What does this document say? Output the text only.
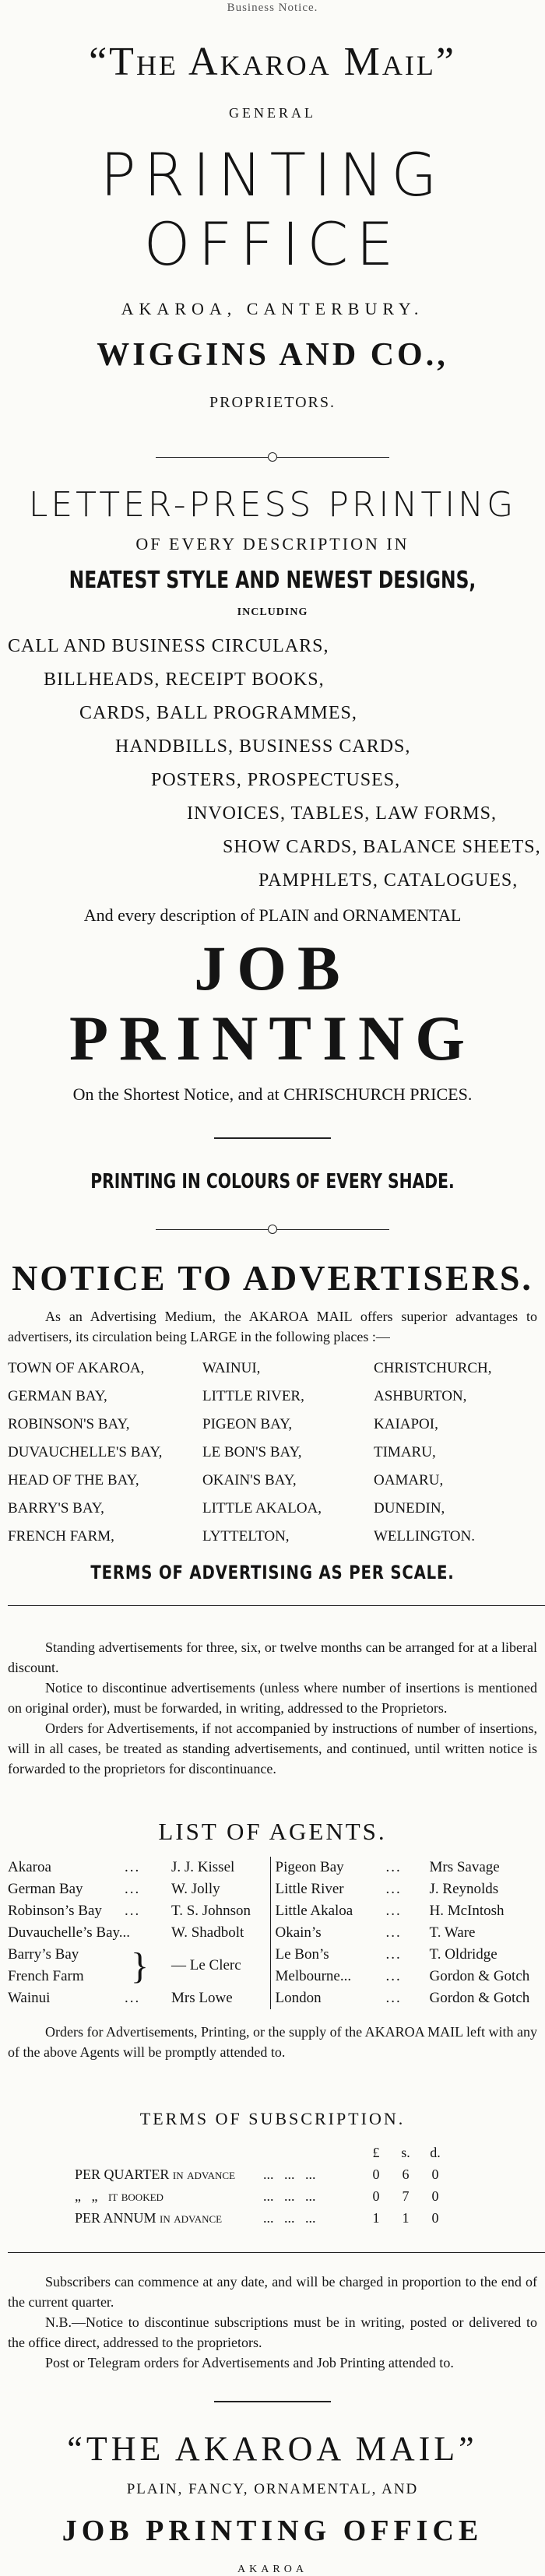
Business Notice.
“The Akaroa Mail”
GENERAL
PRINTING OFFICE
AKAROA, CANTERBURY.
WIGGINS AND CO.,
PROPRIETORS.
LETTER-PRESS PRINTING
OF EVERY DESCRIPTION IN
NEATEST STYLE AND NEWEST DESIGNS,
INCLUDING
CALL AND BUSINESS CIRCULARS,
BILLHEADS, RECEIPT BOOKS,
CARDS, BALL PROGRAMMES,
HANDBILLS, BUSINESS CARDS,
POSTERS, PROSPECTUSES,
INVOICES, TABLES, LAW FORMS,
SHOW CARDS, BALANCE SHEETS,
PAMPHLETS, CATALOGUES,
And every description of PLAIN and ORNAMENTAL
JOB PRINTING
On the Shortest Notice, and at CHRISCHURCH PRICES.
PRINTING IN COLOURS OF EVERY SHADE.
NOTICE TO ADVERTISERS.
As an Advertising Medium, the AKAROA MAIL offers superior advantages to advertisers, its circulation being LARGE in the following places :—
TOWN OF AKAROA,	WAINUI,	CHRISTCHURCH,
GERMAN BAY,	LITTLE RIVER,	ASHBURTON,
ROBINSON'S BAY,	PIGEON BAY,	KAIAPOI,
DUVAUCHELLE'S BAY,	LE BON'S BAY,	TIMARU,
HEAD OF THE BAY,	OKAIN'S BAY,	OAMARU,
BARRY'S BAY,	LITTLE AKALOA,	DUNEDIN,
FRENCH FARM,	LYTTELTON,	WELLINGTON.
TERMS OF ADVERTISING AS PER SCALE.
Standing advertisements for three, six, or twelve months can be arranged for at a liberal discount.
Notice to discontinue advertisements (unless where number of insertions is mentioned on original order), must be forwarded, in writing, addressed to the Proprietors.
Orders for Advertisements, if not accompanied by instructions of number of insertions, will in all cases, be treated as standing advertisements, and continued, until written notice is forwarded to the proprietors for discontinuance.
LIST OF AGENTS.
Akaroa	...	J. J. Kissel
German Bay	...	W. Jolly
Robinson’s Bay	...	T. S. Johnson
Duvauchelle’s Bay...	W. Shadbolt
Barry’s Bay
French Farm	}	— Le Clerc
Wainui	...	Mrs Lowe
Pigeon Bay	...	Mrs Savage
Little River	...	J. Reynolds
Little Akaloa	...	H. McIntosh
Okain’s	...	T. Ware
Le Bon’s	...	T. Oldridge
Melbourne...	...	Gordon & Gotch
London	...	Gordon & Gotch
Orders for Advertisements, Printing, or the supply of the AKAROA MAIL left with any of the above Agents will be promptly attended to.
TERMS OF SUBSCRIPTION.
		£	s.	d.
PER QUARTER in advance	...   ...   ...	0	6	0
„   „   it booked	...   ...   ...	0	7	0
PER ANNUM in advance	...   ...   ...	1	1	0
Subscribers can commence at any date, and will be charged in proportion to the end of the current quarter.
N.B.—Notice to discontinue subscriptions must be in writing, posted or delivered to the office direct, addressed to the proprietors.
Post or Telegram orders for Advertisements and Job Printing attended to.
“THE AKAROA MAIL”
PLAIN, FANCY, ORNAMENTAL, AND
JOB PRINTING OFFICE
AKAROA
